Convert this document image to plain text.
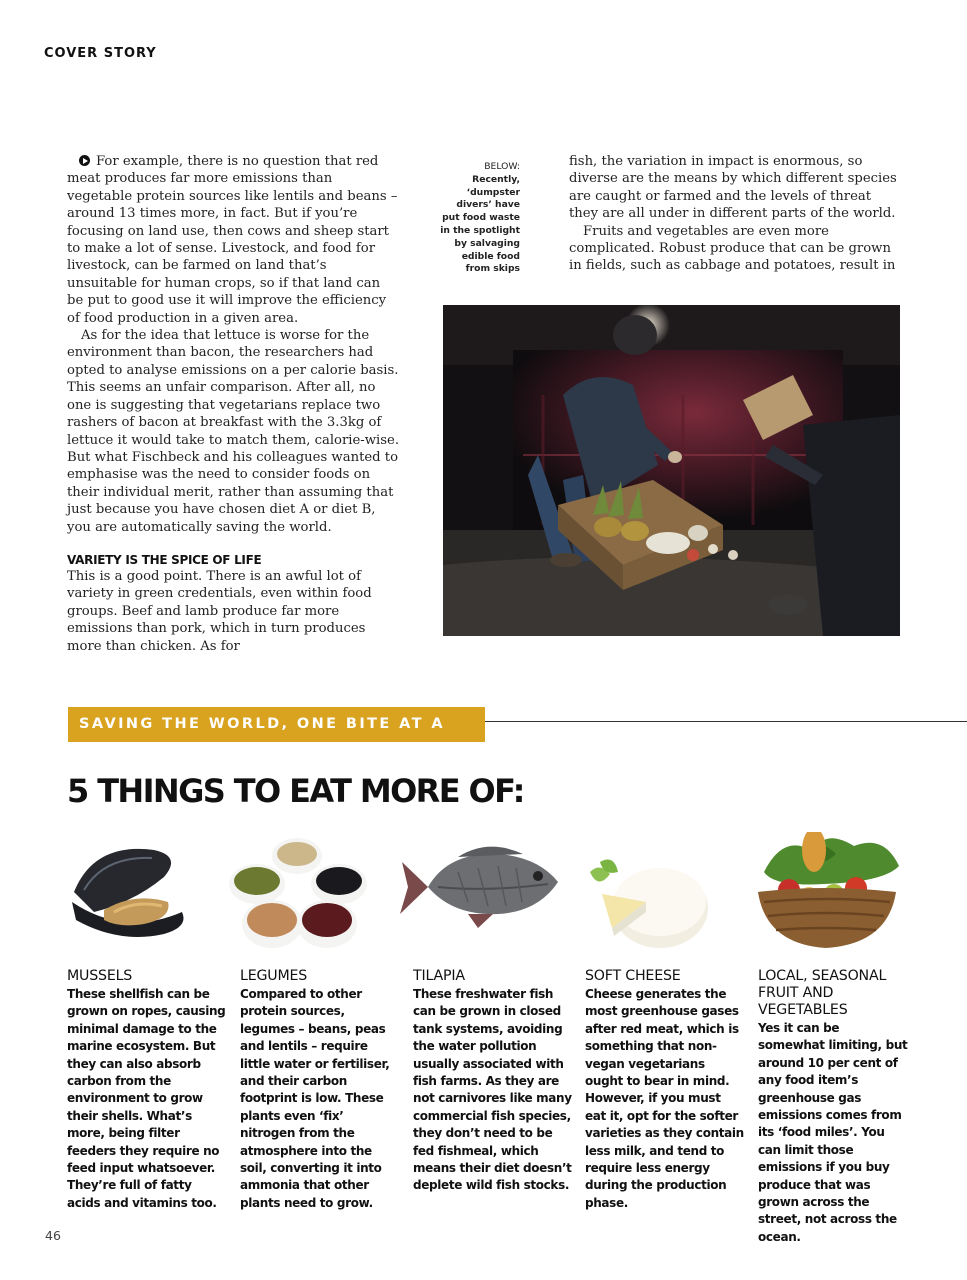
COVER STORY

For example, there is no question that red meat produces far more emissions than vegetable protein sources like lentils and beans – around 13 times more, in fact. But if you’re focusing on land use, then cows and sheep start to make a lot of sense. Livestock, and food for livestock, can be farmed on land that’s unsuitable for human crops, so if that land can be put to good use it will improve the efficiency of food production in a given area.

As for the idea that lettuce is worse for the environment than bacon, the researchers had opted to analyse emissions on a per calorie basis. This seems an unfair comparison. After all, no one is suggesting that vegetarians replace two rashers of bacon at breakfast with the 3.3kg of lettuce it would take to match them, calorie-wise. But what Fischbeck and his colleagues wanted to emphasise was the need to consider foods on their individual merit, rather than assuming that just because you have chosen diet A or diet B, you are automatically saving the world.

VARIETY IS THE SPICE OF LIFE

This is a good point. There is an awful lot of variety in green credentials, even within food groups. Beef and lamb produce far more emissions than pork, which in turn produces more than chicken. As for

BELOW:
Recently, ‘dumpster divers’ have put food waste in the spotlight by salvaging edible food from skips

fish, the variation in impact is enormous, so diverse are the means by which different species are caught or farmed and the levels of threat they are all under in different parts of the world.

Fruits and vegetables are even more complicated. Robust produce that can be grown in fields, such as cabbage and potatoes, result in

SAVING THE WORLD, ONE BITE AT A TIME
5 THINGS TO EAT MORE OF:
MUSSELS
These shellfish can be grown on ropes, causing minimal damage to the marine ecosystem. But they can also absorb carbon from the environment to grow their shells. What’s more, being filter feeders they require no feed input whatsoever. They’re full of fatty acids and vitamins too.
LEGUMES
Compared to other protein sources, legumes – beans, peas and lentils – require little water or fertiliser, and their carbon footprint is low. These plants even ‘fix’ nitrogen from the atmosphere into the soil, converting it into ammonia that other plants need to grow.
TILAPIA
These freshwater fish can be grown in closed tank systems, avoiding the water pollution usually associated with fish farms. As they are not carnivores like many commercial fish species, they don’t need to be fed fishmeal, which means their diet doesn’t deplete wild fish stocks.
SOFT CHEESE
Cheese generates the most greenhouse gases after red meat, which is something that non-vegan vegetarians ought to bear in mind. However, if you must eat it, opt for the softer varieties as they contain less milk, and tend to require less energy during the production phase.
LOCAL, SEASONAL FRUIT AND VEGETABLES
Yes it can be somewhat limiting, but around 10 per cent of any food item’s greenhouse gas emissions comes from its ‘food miles’. You can limit those emissions if you buy produce that was grown across the street, not across the ocean.
46
